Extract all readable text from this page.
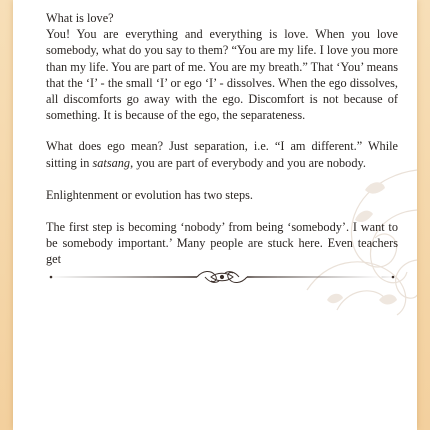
What is love?
You! You are everything and everything is love. When you love somebody, what do you say to them? “You are my life. I love you more than my life. You are part of me. You are my breath.” That ‘You’ means that the ‘I’ - the small ‘I’ or ego ‘I’ - dissolves. When the ego dissolves, all discomforts go away with the ego. Discomfort is not because of something. It is because of the ego, the separateness.

What does ego mean? Just separation, i.e. “I am different.” While sitting in satsang, you are part of everybody and you are nobody.

Enlightenment or evolution has two steps.

The first step is becoming ‘nobody’ from being ‘somebody’. I want to be somebody important.’ Many people are stuck here. Even teachers get
